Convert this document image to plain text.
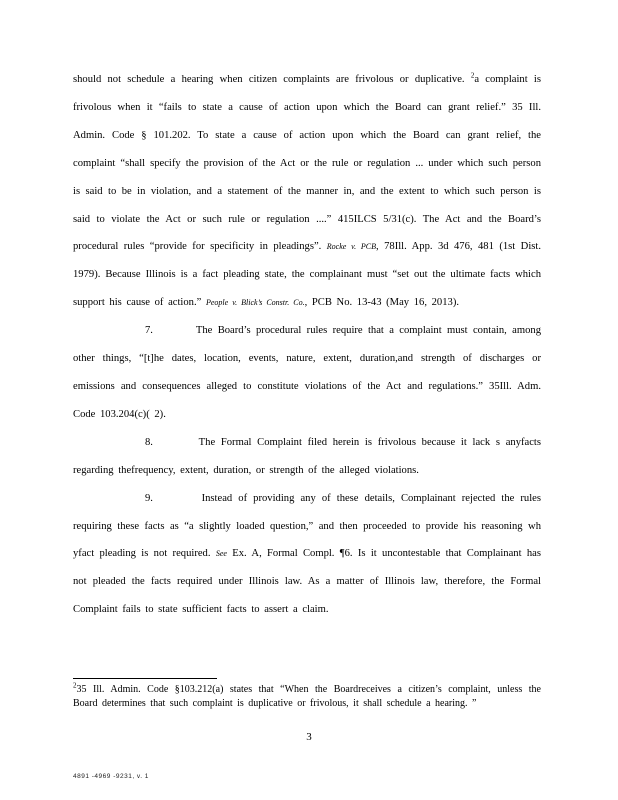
should not schedule a hearing when citizen complaints are frivolous or duplicative. $^2$a complaint is frivolous when it “fails to state a cause of action upon which the Board can grant relief.” 35 Ill. Admin. Code § 101.202. To state a cause of action upon which the Board can grant relief, the complaint “shall specify the provision of the Act or the rule or regulation ... under which such person is said to be in violation, and a statement of the manner in, and the extent to which such person is said to violate the Act or such rule or regulation ....” 415ILCS 5/31(c). The Act and the Board’s procedural rules “provide for specificity in pleadings”. Rocke v. PCB, 78Ill. App. 3d 476, 481 (1st Dist. 1979). Because Illinois is a fact pleading state, the complainant must “set out the ultimate facts which support his cause of action.” People v. Blick’s Constr. Co., PCB No. 13-43 (May 16, 2013).

7.	The Board’s procedural rules require that a complaint must contain, among other things, “[t]he dates, location, events, nature, extent, duration,and strength of discharges or emissions and consequences alleged to constitute violations of the Act and regulations.” 35Ill. Adm. Code 103.204(c)( 2).

8.	The Formal Complaint filed herein is frivolous because it lack s anyfacts regarding thefrequency, extent, duration, or strength of the alleged violations.

9.	Instead of providing any of these details, Complainant rejected the rules requiring these facts as “a slightly loaded question,” and then proceeded to provide his reasoning wh yfact pleading is not required. See Ex. A, Formal Compl. ¶6. Is it uncontestable that Complainant has not pleaded the facts required under Illinois law. As a matter of Illinois law, therefore, the Formal Complaint fails to state sufficient facts to assert a claim.

$^2$35 Ill. Admin. Code §103.212(a) states that “When the Boardreceives a citizen’s complaint, unless the Board determines that such complaint is duplicative or frivolous, it shall schedule a hearing. ”

3
4891 -4969 -9231, v. 1
